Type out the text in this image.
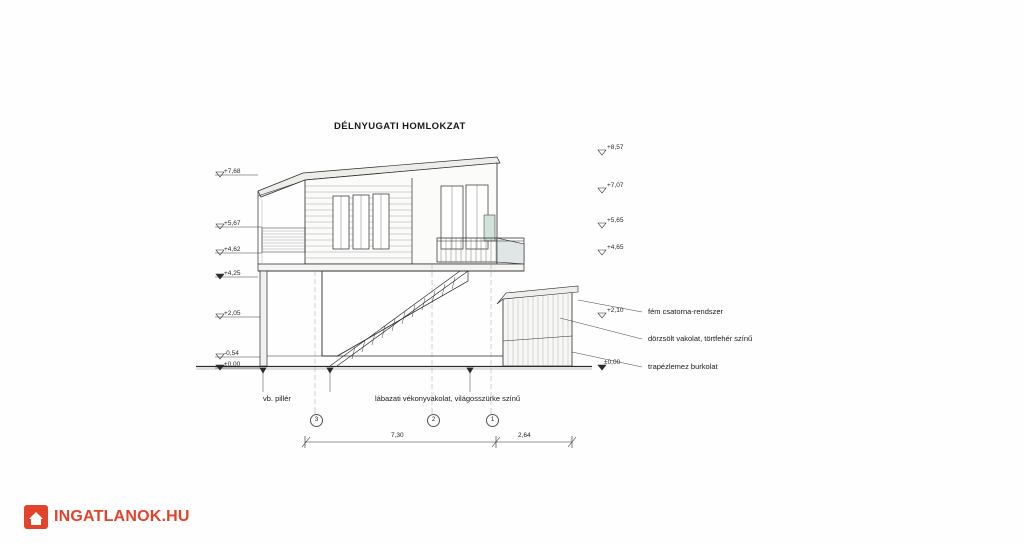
DÉLNYUGATI HOMLOKZAT
+7,68
+5,67
+4,62
+4,25
+2,05
-0,54
±0,00
+8,57
+7,07
+5,65
+4,65
+2,10
±0,00
fém csatorna-rendszer
dörzsölt vakolat, törtfehér színű
trapézlemez burkolat
vb. pillér	lábazati vékonyvakolat, világosszürke színű
3	2	1
7,30	2,64
INGATLANOK.HU
